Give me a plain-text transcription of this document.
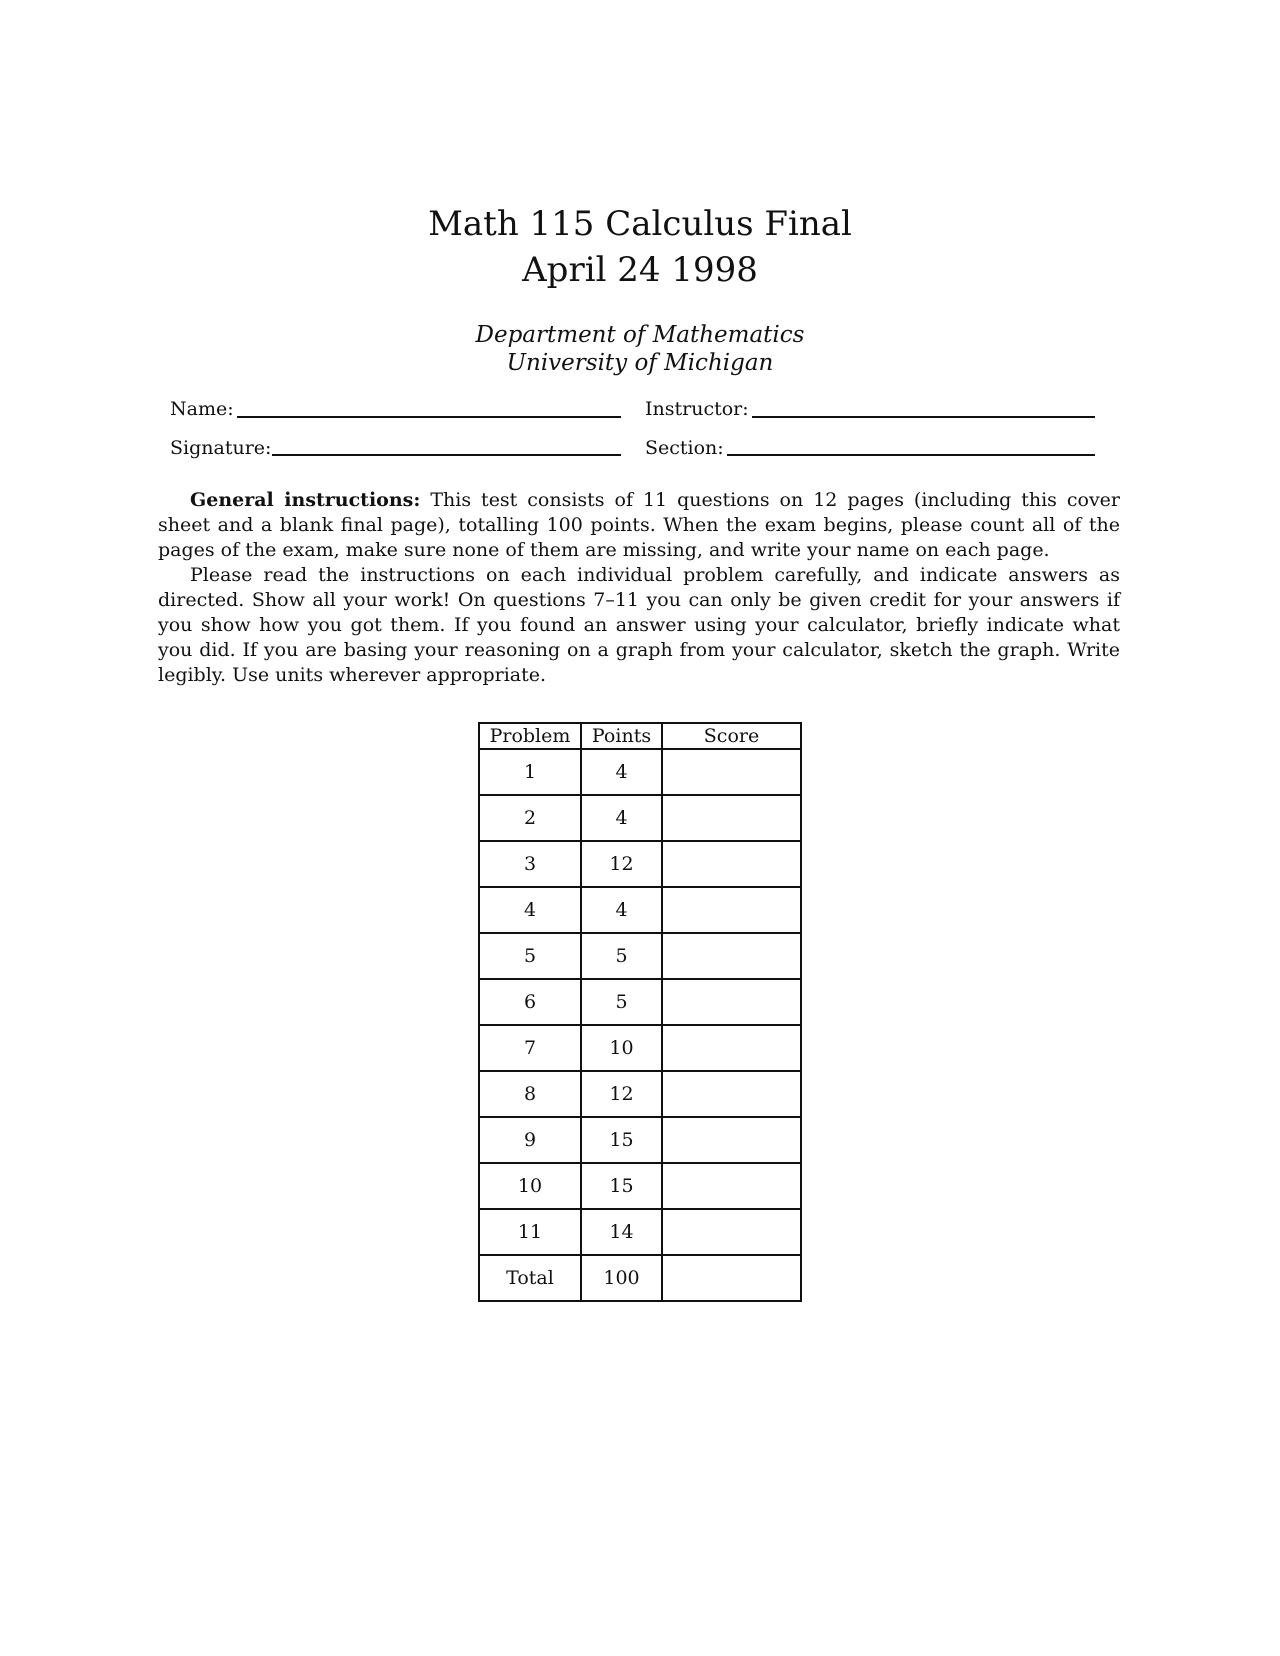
Math 115 Calculus Final
April 24 1998
Department of Mathematics
University of Michigan
Name:	Instructor:
Signature:	Section:

General instructions: This test consists of 11 questions on 12 pages (including this cover sheet and a blank final page), totalling 100 points. When the exam begins, please count all of the pages of the exam, make sure none of them are missing, and write your name on each page.

Please read the instructions on each individual problem carefully, and indicate answers as directed. Show all your work! On questions 7–11 you can only be given credit for your answers if you show how you got them. If you found an answer using your calculator, briefly indicate what you did. If you are basing your reasoning on a graph from your calculator, sketch the graph. Write legibly. Use units wherever appropriate.

Problem	Points	Score
1	4	
2	4	
3	12	
4	4	
5	5	
6	5	
7	10	
8	12	
9	15	
10	15	
11	14	
Total	100	
